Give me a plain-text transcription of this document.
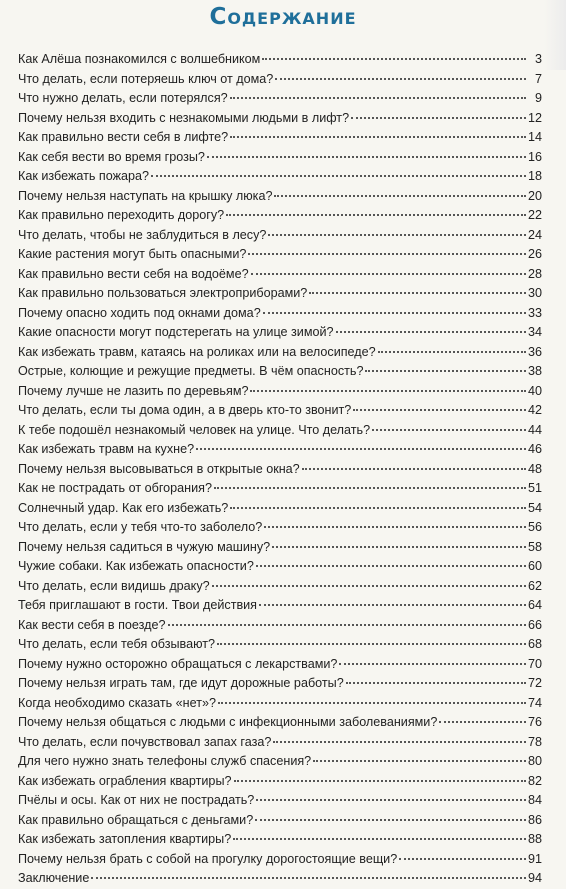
Содержание
Как Алёша познакомился с волшебником	3
Что делать, если потеряешь ключ от дома?	7
Что нужно делать, если потерялся?	9
Почему нельзя входить с незнакомыми людьми в лифт?	12
Как правильно вести себя в лифте?	14
Как себя вести во время грозы?	16
Как избежать пожара?	18
Почему нельзя наступать на крышку люка?	20
Как правильно переходить дорогу?	22
Что делать, чтобы не заблудиться в лесу?	24
Какие растения могут быть опасными?	26
Как правильно вести себя на водоёме?	28
Как правильно пользоваться электроприборами?	30
Почему опасно ходить под окнами дома?	33
Какие опасности могут подстерегать на улице зимой?	34
Как избежать травм, катаясь на роликах или на велосипеде?	36
Острые, колющие и режущие предметы. В чём опасность?	38
Почему лучше не лазить по деревьям?	40
Что делать, если ты дома один, а в дверь кто-то звонит?	42
К тебе подошёл незнакомый человек на улице. Что делать?	44
Как избежать травм на кухне?	46
Почему нельзя высовываться в открытые окна?	48
Как не пострадать от обгорания?	51
Солнечный удар. Как его избежать?	54
Что делать, если у тебя что-то заболело?	56
Почему нельзя садиться в чужую машину?	58
Чужие собаки. Как избежать опасности?	60
Что делать, если видишь драку?	62
Тебя приглашают в гости. Твои действия	64
Как вести себя в поезде?	66
Что делать, если тебя обзывают?	68
Почему нужно осторожно обращаться с лекарствами?	70
Почему нельзя играть там, где идут дорожные работы?	72
Когда необходимо сказать «нет»?	74
Почему нельзя общаться с людьми с инфекционными заболеваниями?	76
Что делать, если почувствовал запах газа?	78
Для чего нужно знать телефоны служб спасения?	80
Как избежать ограбления квартиры?	82
Пчёлы и осы. Как от них не пострадать?	84
Как правильно обращаться с деньгами?	86
Как избежать затопления квартиры?	88
Почему нельзя брать с собой на прогулку дорогостоящие вещи?	91
Заключение	94
